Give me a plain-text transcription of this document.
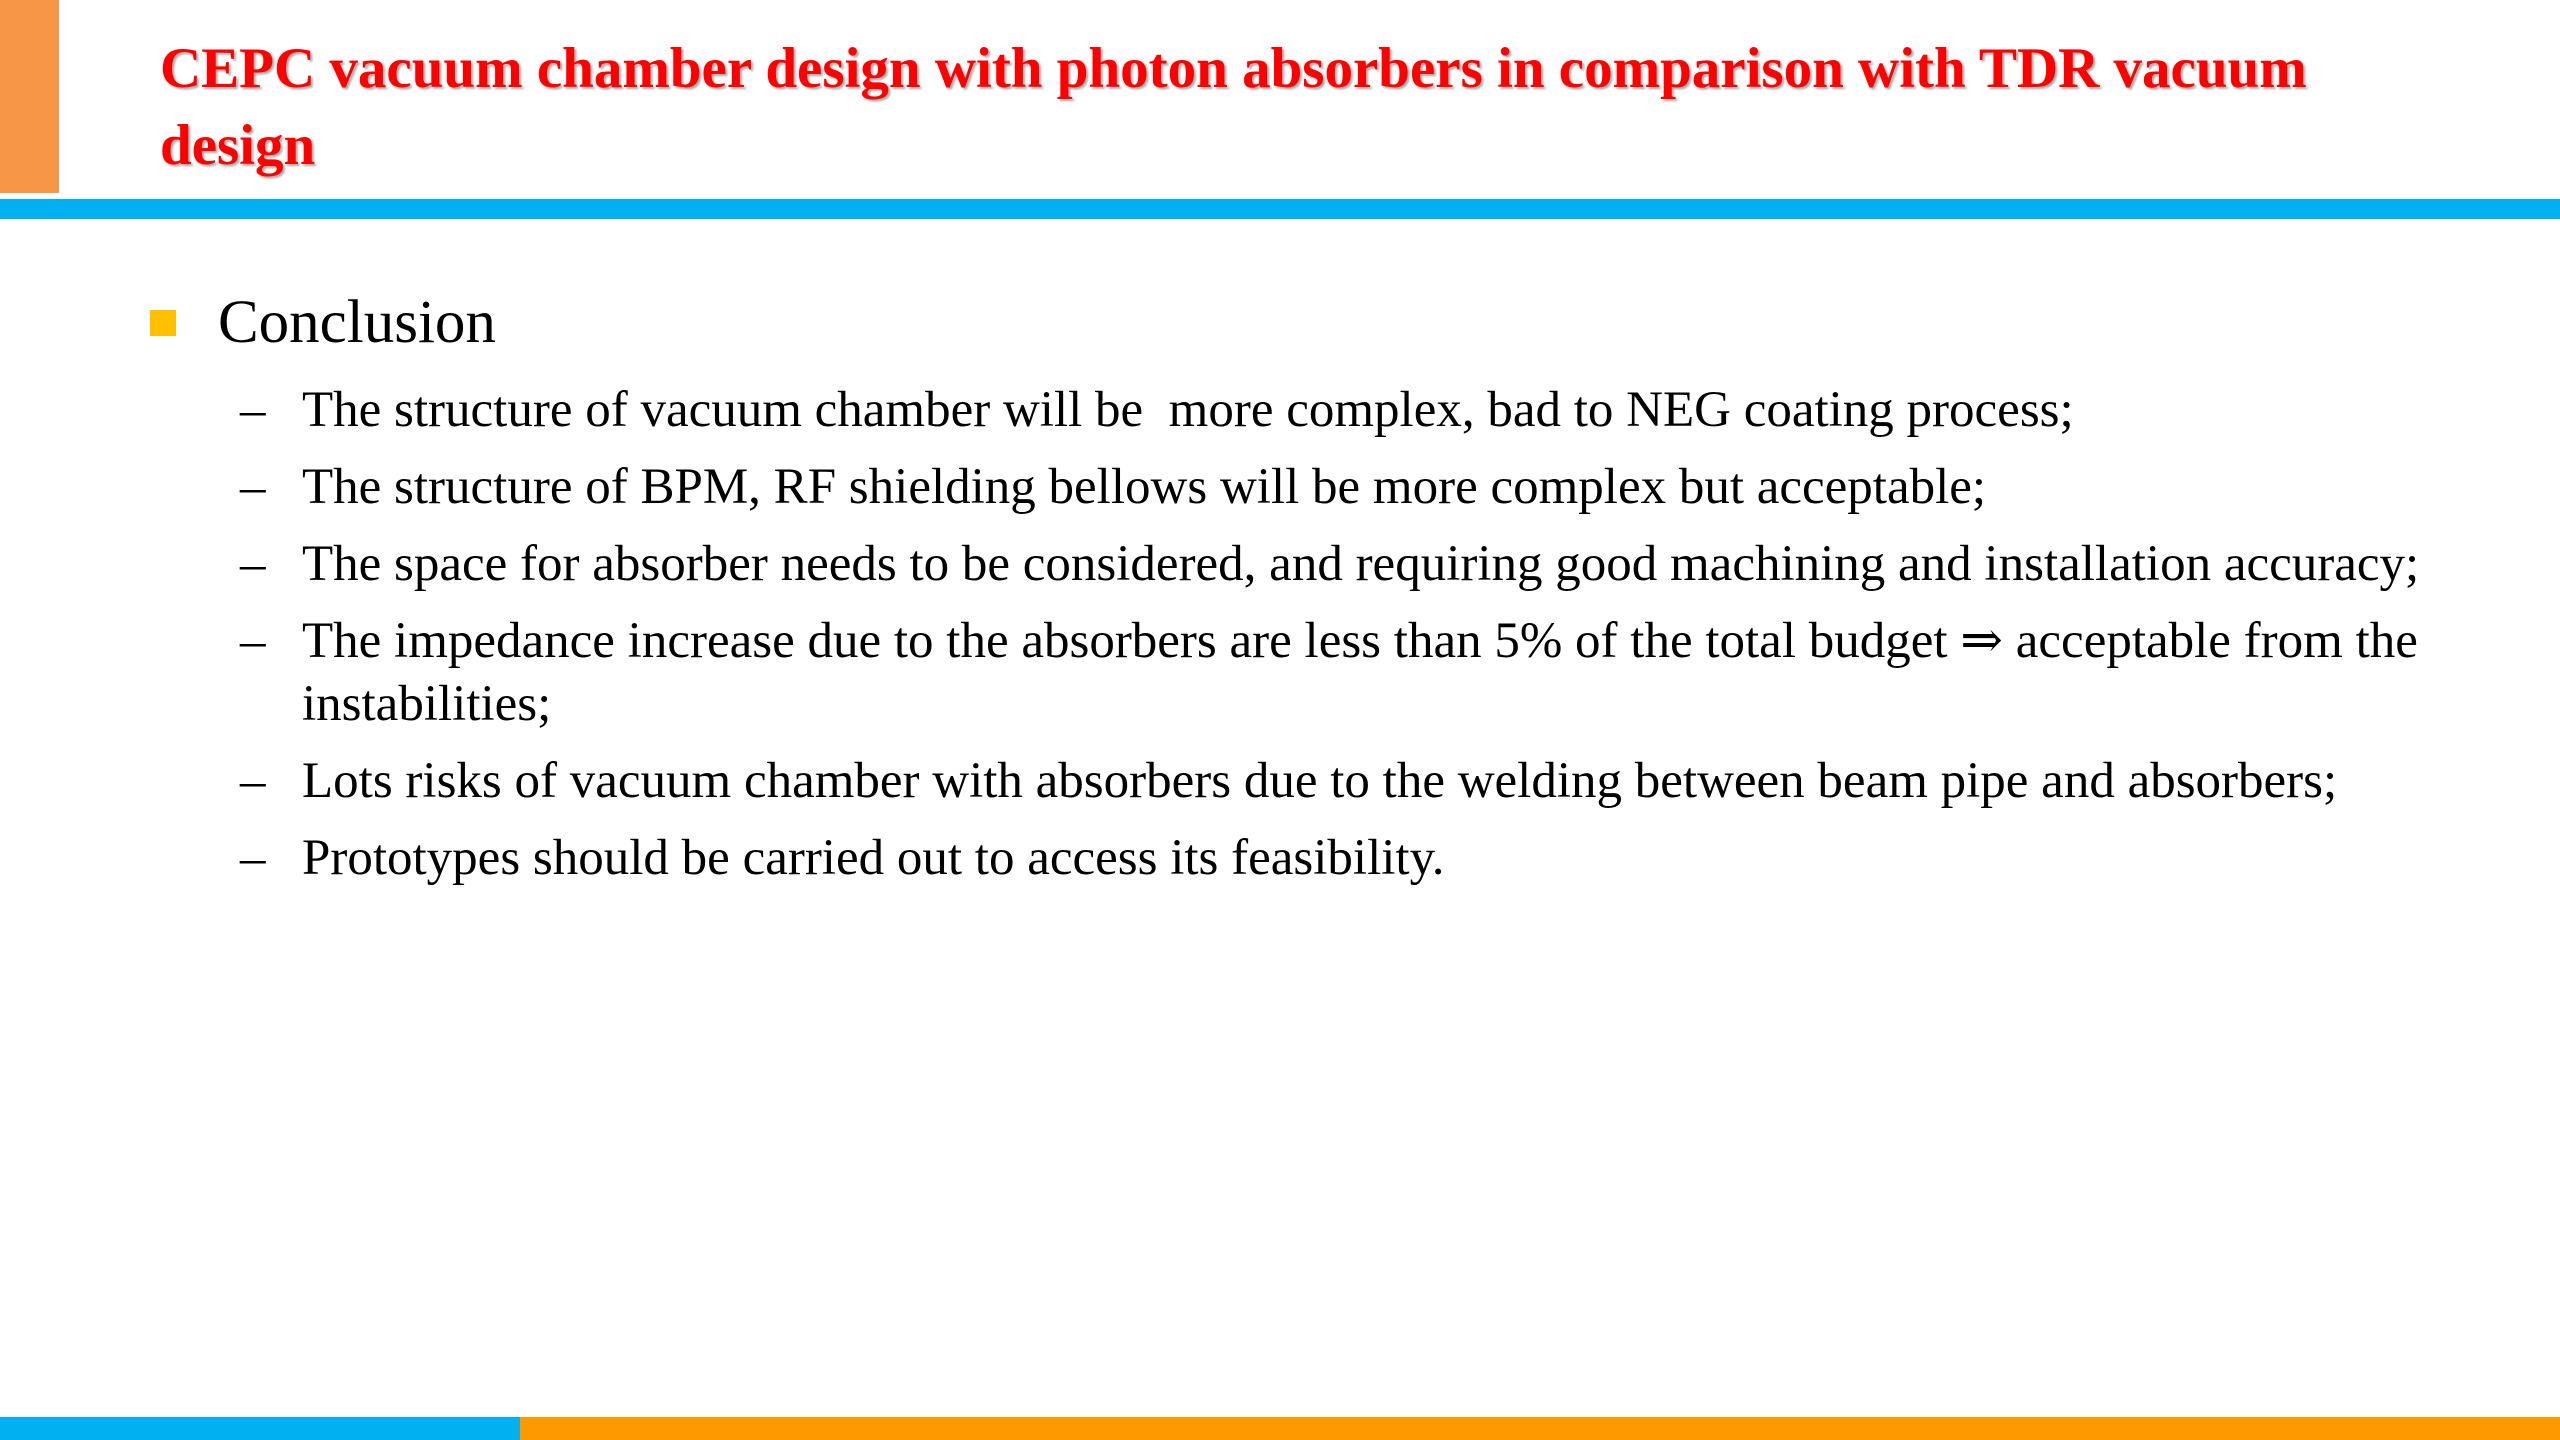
CEPC vacuum chamber design with photon absorbers in comparison with TDR vacuum design
Conclusion
– The structure of vacuum chamber will be  more complex, bad to NEG coating process;
– The structure of BPM, RF shielding bellows will be more complex but acceptable;
– The space for absorber needs to be considered, and requiring good machining and installation accuracy;
– The impedance increase due to the absorbers are less than 5% of the total budget ⇒ acceptable from the instabilities;
– Lots risks of vacuum chamber with absorbers due to the welding between beam pipe and absorbers;
– Prototypes should be carried out to access its feasibility.
